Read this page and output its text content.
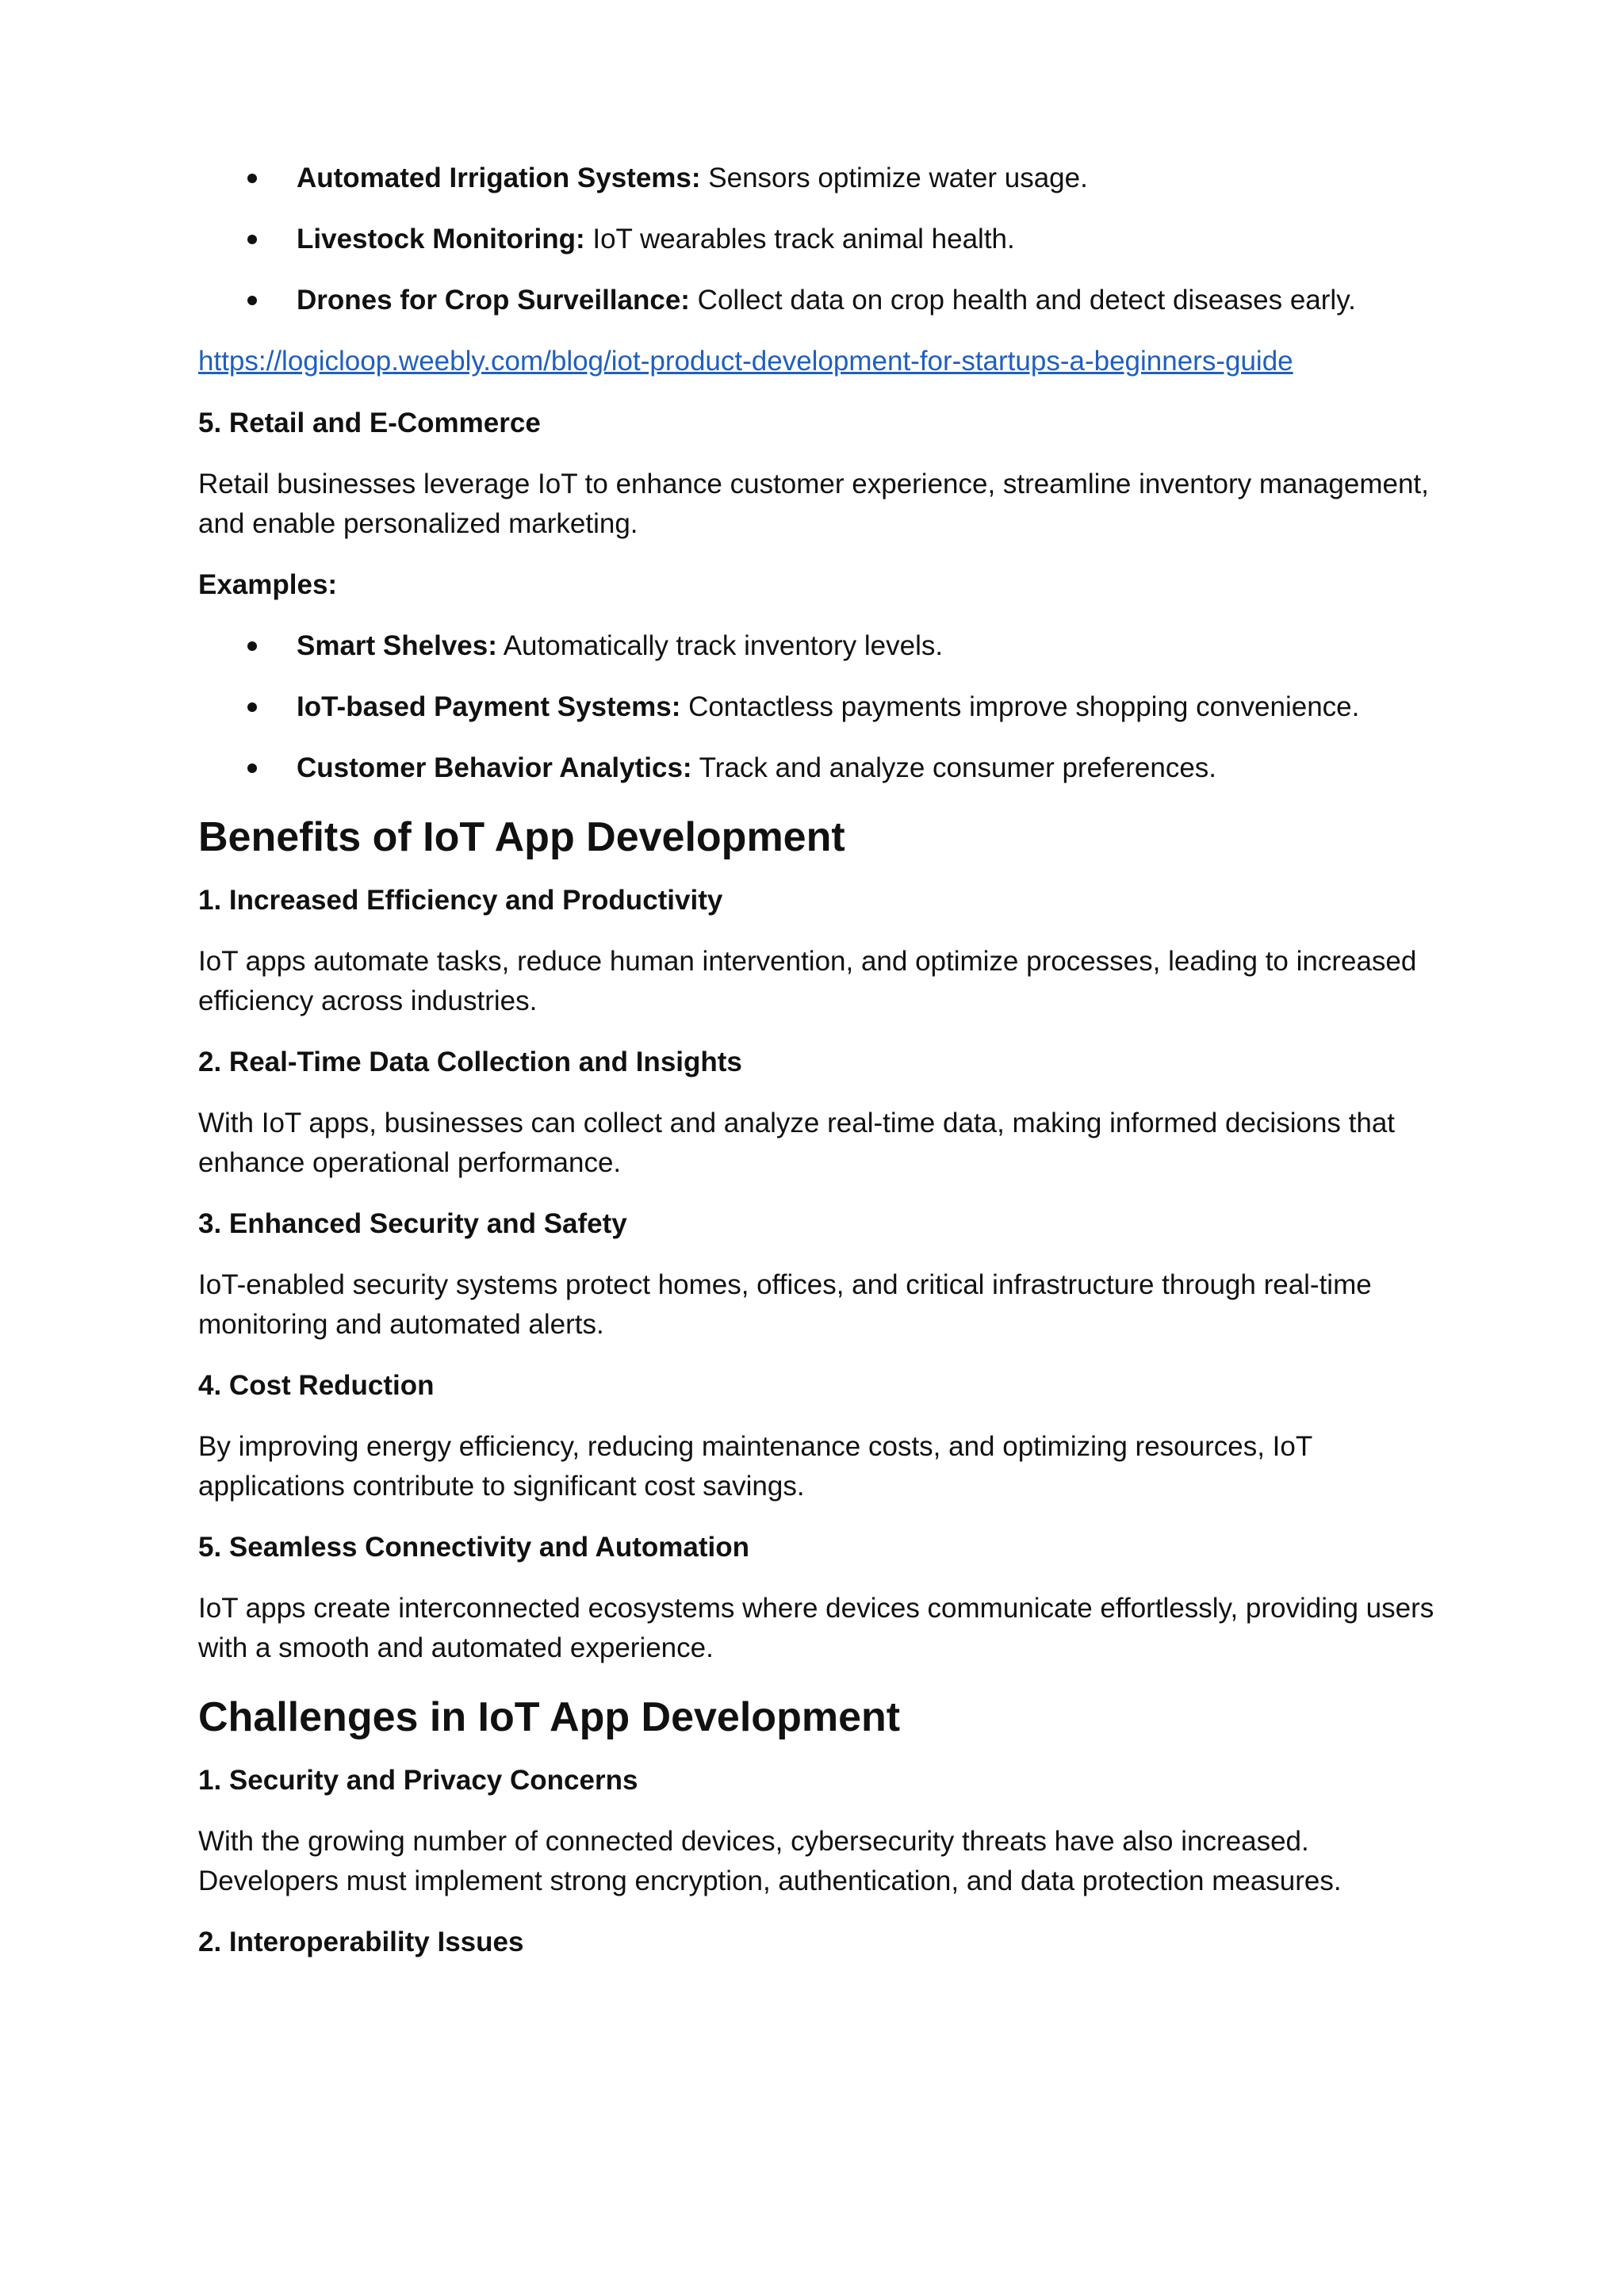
Automated Irrigation Systems: Sensors optimize water usage.
Livestock Monitoring: IoT wearables track animal health.
Drones for Crop Surveillance: Collect data on crop health and detect diseases early.
https://logicloop.weebly.com/blog/iot-product-development-for-startups-a-beginners-guide
5. Retail and E-Commerce

Retail businesses leverage IoT to enhance customer experience, streamline inventory management, and enable personalized marketing.

Examples:
Smart Shelves: Automatically track inventory levels.
IoT-based Payment Systems: Contactless payments improve shopping convenience.
Customer Behavior Analytics: Track and analyze consumer preferences.
Benefits of IoT App Development
1. Increased Efficiency and Productivity

IoT apps automate tasks, reduce human intervention, and optimize processes, leading to increased efficiency across industries.

2. Real-Time Data Collection and Insights

With IoT apps, businesses can collect and analyze real-time data, making informed decisions that enhance operational performance.

3. Enhanced Security and Safety

IoT-enabled security systems protect homes, offices, and critical infrastructure through real-time monitoring and automated alerts.

4. Cost Reduction

By improving energy efficiency, reducing maintenance costs, and optimizing resources, IoT applications contribute to significant cost savings.

5. Seamless Connectivity and Automation

IoT apps create interconnected ecosystems where devices communicate effortlessly, providing users with a smooth and automated experience.

Challenges in IoT App Development
1. Security and Privacy Concerns

With the growing number of connected devices, cybersecurity threats have also increased. Developers must implement strong encryption, authentication, and data protection measures.

2. Interoperability Issues
